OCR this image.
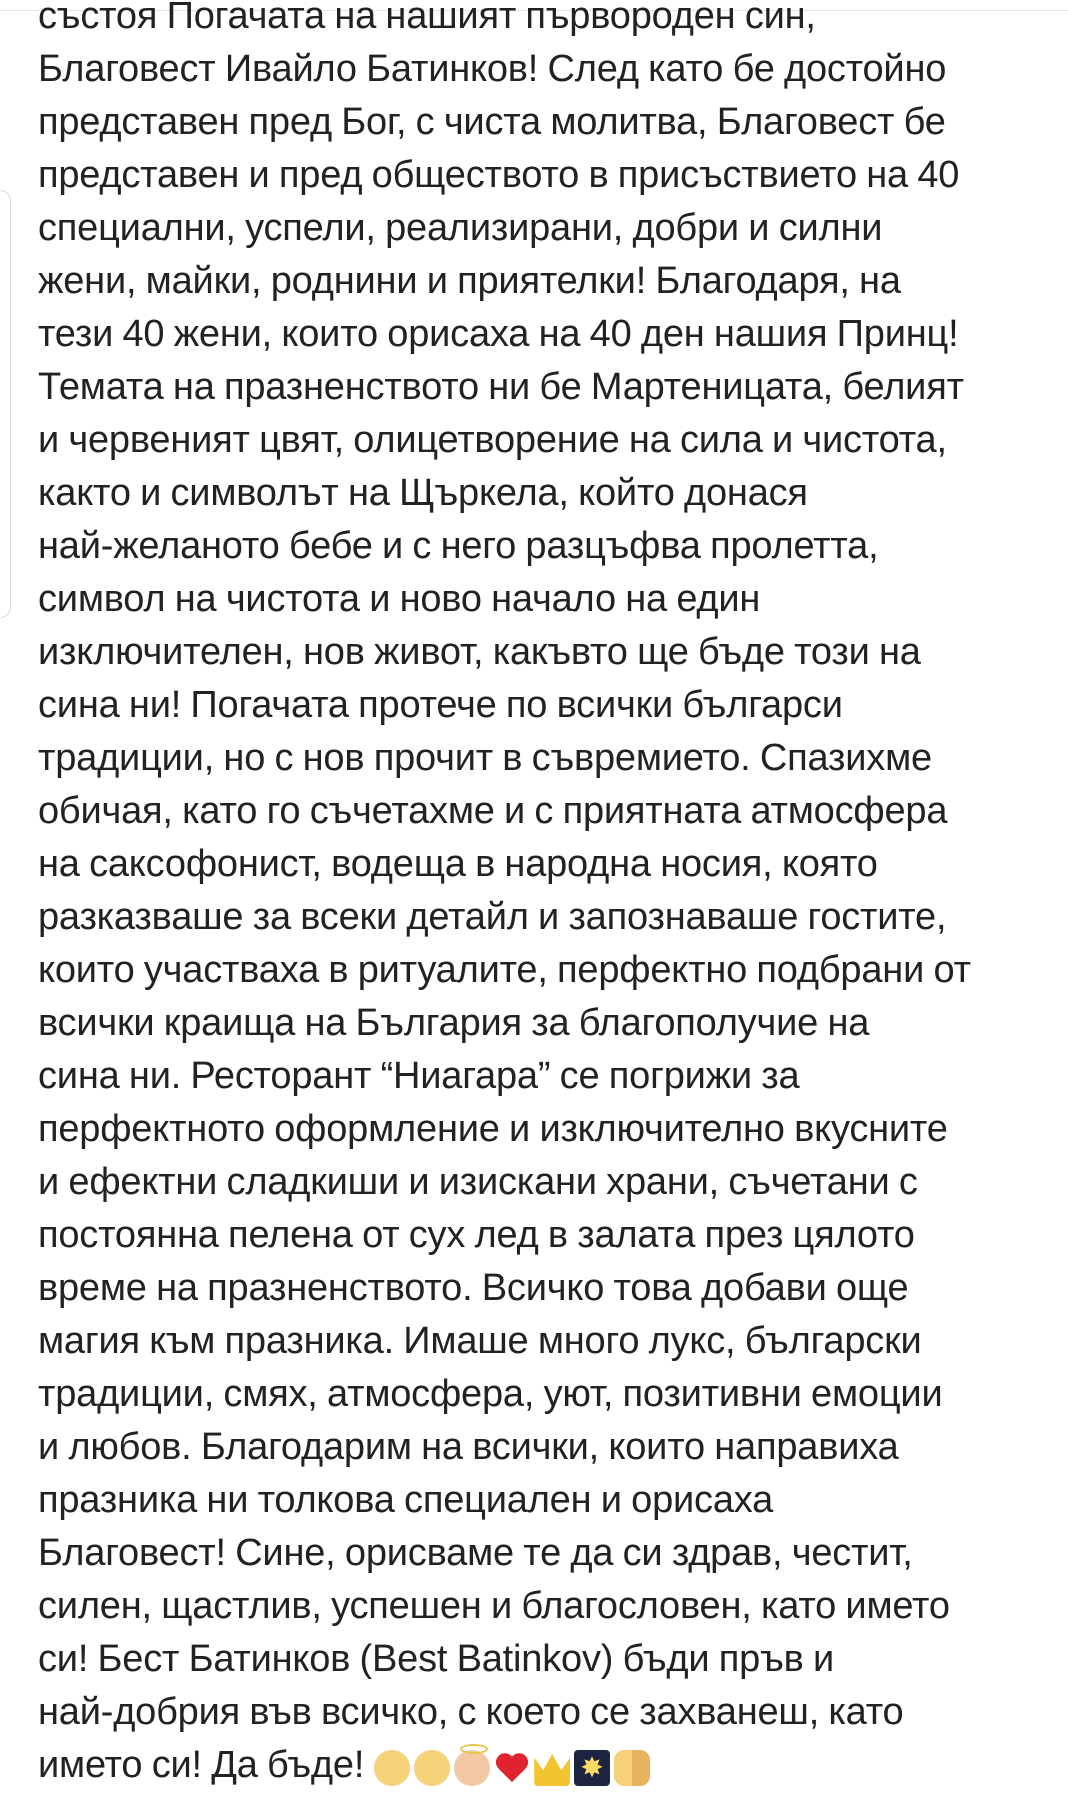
състоя Погачата на нашият първороден син,
Благовест Ивайло Батинков! След като бе достойно
представен пред Бог, с чиста молитва, Благовест бе
представен и пред обществото в присъствието на 40
специални, успели, реализирани, добри и силни
жени, майки, роднини и приятелки! Благодаря, на
тези 40 жени, които орисаха на 40 ден нашия Принц!
Темата на празненството ни бе Мартеницата, белият
и червеният цвят, олицетворение на сила и чистота,
както и символът на Щъркела, който донася
най-желаното бебе и с него разцъфва пролетта,
символ на чистота и ново начало на един
изключителен, нов живот, какъвто ще бъде този на
сина ни! Погачата протече по всички българси
традиции, но с нов прочит в съвремието. Спазихме
обичая, като го съчетахме и с приятната атмосфера
на саксофонист, водеща в народна носия, която
разказваше за всеки детайл и запознаваше гостите,
които участваха в ритуалите, перфектно подбрани от
всички краища на България за благополучие на
сина ни. Ресторант “Ниагара” се погрижи за
перфектното оформление и изключително вкусните
и ефектни сладкиши и изискани храни, съчетани с
постоянна пелена от сух лед в залата през цялото
време на празненството. Всичко това добави още
магия към празника. Имаше много лукс, български
традиции, смях, атмосфера, уют, позитивни емоции
и любов. Благодарим на всички, които направиха
празника ни толкова специален и орисаха
Благовест! Сине, орисваме те да си здрав, честит,
силен, щастлив, успешен и благословен, като името
си! Бест Батинков (Best Batinkov) бъди пръв и
най-добрия във всичко, с което се захванеш, като
името си! Да бъде!✸
